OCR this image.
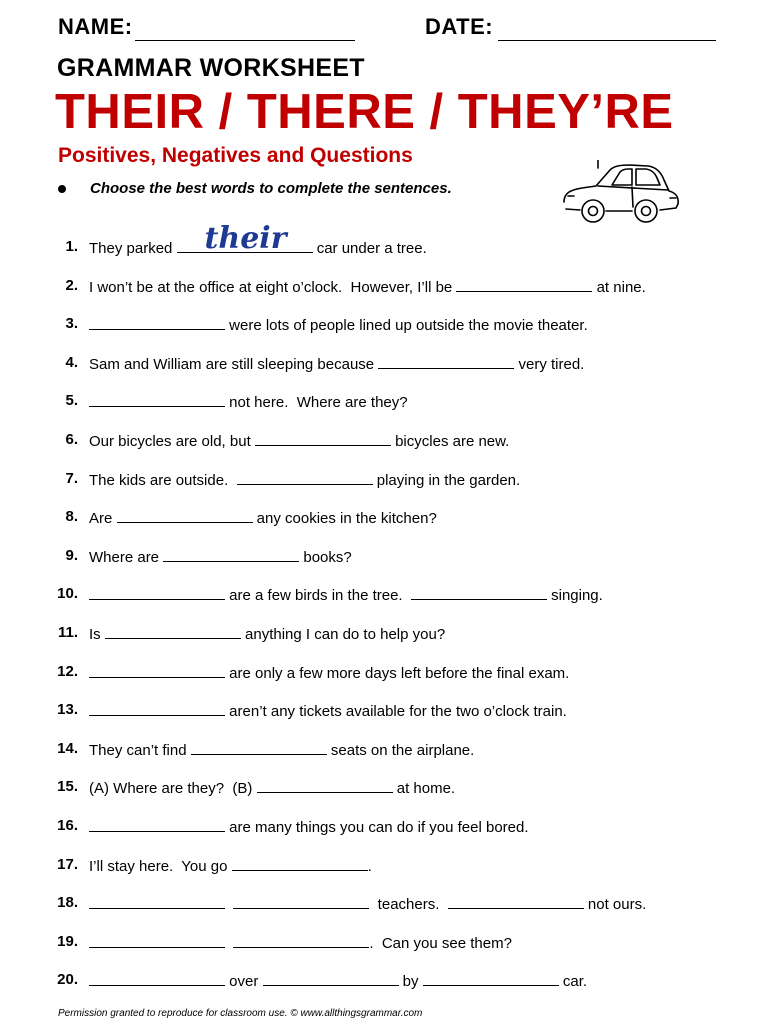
NAME:	DATE:
GRAMMAR WORKSHEET
THEIR / THERE / THEY’RE
Positives, Negatives and Questions
Choose the best words to complete the sentences.
1. They parked their car under a tree.
2. I won’t be at the office at eight o’clock.  However, I’ll be	at nine.
3.	were lots of people lined up outside the movie theater.
4. Sam and William are still sleeping because	very tired.
5.	not here.  Where are they?
6. Our bicycles are old, but	bicycles are new.
7. The kids are outside.	playing in the garden.
8. Are	any cookies in the kitchen?
9. Where are	books?
10.	are a few birds in the tree.	singing.
11. Is	anything I can do to help you?
12.	are only a few more days left before the final exam.
13.	aren’t any tickets available for the two o’clock train.
14. They can’t find	seats on the airplane.
15. (A) Where are they?  (B)	at home.
16.	are many things you can do if you feel bored.
17. I’ll stay here.  You go	.
18.	teachers.	not ours.
19.	.  Can you see them?
20.	over	by	car.
Permission granted to reproduce for classroom use. © www.allthingsgrammar.com
